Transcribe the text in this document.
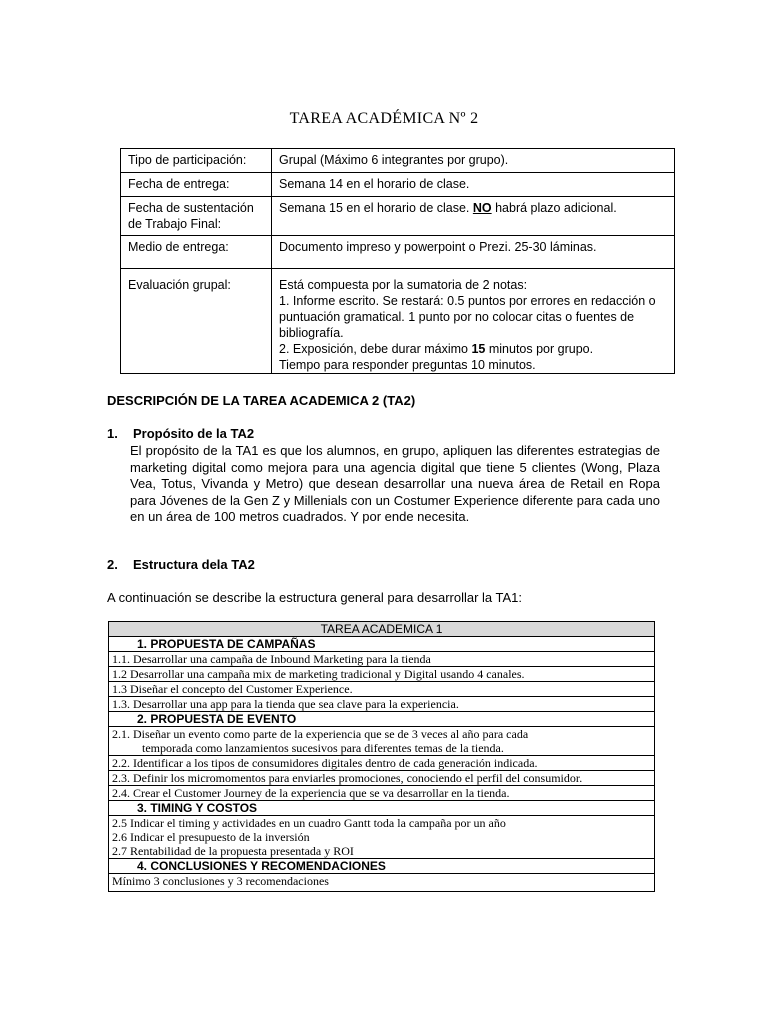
TAREA ACADÉMICA Nº 2
Tipo de participación:	Grupal (Máximo 6 integrantes por grupo).
Fecha de entrega:	Semana 14 en el horario de clase.
Fecha de sustentación de Trabajo Final:	Semana 15 en el horario de clase. NO habrá plazo adicional.
Medio de entrega:	Documento impreso y powerpoint o Prezi. 25-30 láminas.
Evaluación grupal:	Está compuesta por la sumatoria de 2 notas:
1. Informe escrito. Se restará: 0.5 puntos por errores en redacción o puntuación gramatical. 1 punto por no colocar citas o fuentes de bibliografía.
2. Exposición, debe durar máximo 15 minutos por grupo.
Tiempo para responder preguntas 10 minutos.
DESCRIPCIÓN DE LA TAREA ACADEMICA 2 (TA2)
1. Propósito de la TA2
El propósito de la TA1 es que los alumnos, en grupo, apliquen las diferentes estrategias de marketing digital como mejora para una agencia digital que tiene 5 clientes (Wong, Plaza Vea, Totus, Vivanda y Metro) que desean desarrollar una nueva área de Retail en Ropa para Jóvenes de la Gen Z y Millenials con un Costumer Experience diferente para cada uno en un área de 100 metros cuadrados. Y por ende necesita.
2. Estructura dela TA2
A continuación se describe la estructura general para desarrollar la TA1:
TAREA ACADEMICA 1
1. PROPUESTA DE CAMPAÑAS
1.1. Desarrollar una campaña de Inbound Marketing para la tienda
1.2 Desarrollar una campaña mix de marketing tradicional y Digital usando 4 canales.
1.3 Diseñar el concepto del Customer Experience.
1.3. Desarrollar una app para la tienda que sea clave para la experiencia.
2. PROPUESTA DE EVENTO

2.1. Diseñar un evento como parte de la experiencia que se de 3 veces al año para cada
temporada como lanzamientos sucesivos para diferentes temas de la tienda.
2.2. Identificar a los tipos de consumidores digitales dentro de cada generación indicada.
2.3. Definir los micromomentos para enviarles promociones, conociendo el perfil del consumidor.
2.4. Crear el Customer Journey de la experiencia que se va desarrollar en la tienda.
3. TIMING Y COSTOS
2.5 Indicar el timing y actividades en un cuadro Gantt toda la campaña por un año
2.6 Indicar el presupuesto de la inversión
2.7 Rentabilidad de la propuesta presentada y ROI
4. CONCLUSIONES Y RECOMENDACIONES
Mínimo 3 conclusiones y 3 recomendaciones
